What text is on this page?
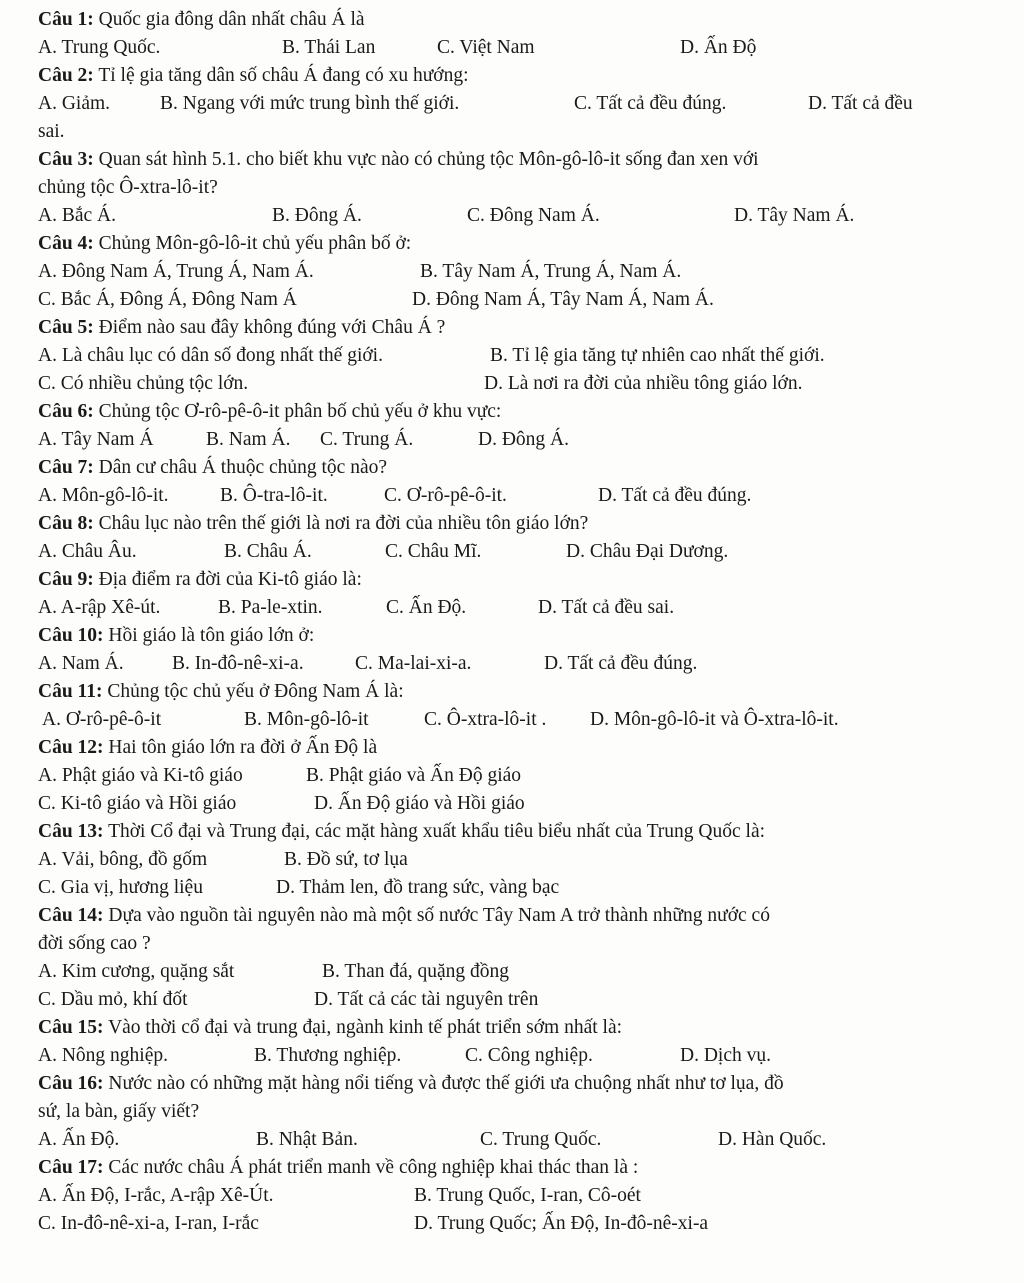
Câu 1: Quốc gia đông dân nhất châu Á là
A. Trung Quốc.	B. Thái Lan	C. Việt Nam	D. Ấn Độ
Câu 2: Tỉ lệ gia tăng dân số châu Á đang có xu hướng:
A. Giảm.	B. Ngang với mức trung bình thế giới.	C. Tất cả đều đúng.	D. Tất cả đều
sai.
Câu 3: Quan sát hình 5.1. cho biết khu vực nào có chủng tộc Môn-gô-lô-it sống đan xen với
chủng tộc Ô-xtra-lô-it?
A. Bắc Á.	B. Đông Á.	C. Đông Nam Á.	D. Tây Nam Á.
Câu 4: Chủng Môn-gô-lô-it chủ yếu phân bố ở:
A. Đông Nam Á, Trung Á, Nam Á.	B. Tây Nam Á, Trung Á, Nam Á.
C. Bắc Á, Đông Á, Đông Nam Á	D. Đông Nam Á, Tây Nam Á, Nam Á.
Câu 5: Điểm nào sau đây không đúng với Châu Á ?
A. Là châu lục có dân số đong nhất thế giới.	B. Tỉ lệ gia tăng tự nhiên cao nhất thế giới.
C. Có nhiều chủng tộc lớn.	D. Là nơi ra đời của nhiều tông giáo lớn.
Câu 6: Chủng tộc Ơ-rô-pê-ô-it phân bố chủ yếu ở khu vực:
A. Tây Nam Á	B. Nam Á. C. Trung Á.	D. Đông Á.
Câu 7: Dân cư châu Á thuộc chủng tộc nào?
A. Môn-gô-lô-it.	B. Ô-tra-lô-it.	C. Ơ-rô-pê-ô-it.	D. Tất cả đều đúng.
Câu 8: Châu lục nào trên thế giới là nơi ra đời của nhiều tôn giáo lớn?
A. Châu Âu.	B. Châu Á.	C. Châu Mĩ.	D. Châu Đại Dương.
Câu 9: Địa điểm ra đời của Ki-tô giáo là:
A. A-rập Xê-út.	B. Pa-le-xtin.	C. Ấn Độ.	D. Tất cả đều sai.
Câu 10: Hồi giáo là tôn giáo lớn ở:
A. Nam Á. B. In-đô-nê-xi-a.	C. Ma-lai-xi-a.	D. Tất cả đều đúng.
Câu 11: Chủng tộc chủ yếu ở Đông Nam Á là:
A. Ơ-rô-pê-ô-it	B. Môn-gô-lô-it	C. Ô-xtra-lô-it . D. Môn-gô-lô-it và Ô-xtra-lô-it.
Câu 12: Hai tôn giáo lớn ra đời ở Ấn Độ là
A. Phật giáo và Ki-tô giáo	B. Phật giáo và Ấn Độ giáo
C. Ki-tô giáo và Hồi giáo	D. Ấn Độ giáo và Hồi giáo
Câu 13: Thời Cổ đại và Trung đại, các mặt hàng xuất khẩu tiêu biểu nhất của Trung Quốc là:
A. Vải, bông, đồ gốm	B. Đồ sứ, tơ lụa
C. Gia vị, hương liệu	D. Thảm len, đồ trang sức, vàng bạc
Câu 14: Dựa vào nguồn tài nguyên nào mà một số nước Tây Nam A trở thành những nước có
đời sống cao ?
A. Kim cương, quặng sắt	B. Than đá, quặng đồng
C. Dầu mỏ, khí đốt	D. Tất cả các tài nguyên trên
Câu 15: Vào thời cổ đại và trung đại, ngành kinh tế phát triển sớm nhất là:
A. Nông nghiệp.	B. Thương nghiệp.	C. Công nghiệp.	D. Dịch vụ.
Câu 16: Nước nào có những mặt hàng nổi tiếng và được thế giới ưa chuộng nhất như tơ lụa, đồ
sứ, la bàn, giấy viết?
A. Ấn Độ.	B. Nhật Bản.	C. Trung Quốc.	D. Hàn Quốc.
Câu 17: Các nước châu Á phát triển manh về công nghiệp khai thác than là :
A. Ấn Độ, I-rắc, A-rập Xê-Út.	B. Trung Quốc, I-ran, Cô-oét
C. In-đô-nê-xi-a, I-ran, I-rắc	D. Trung Quốc; Ấn Độ, In-đô-nê-xi-a
